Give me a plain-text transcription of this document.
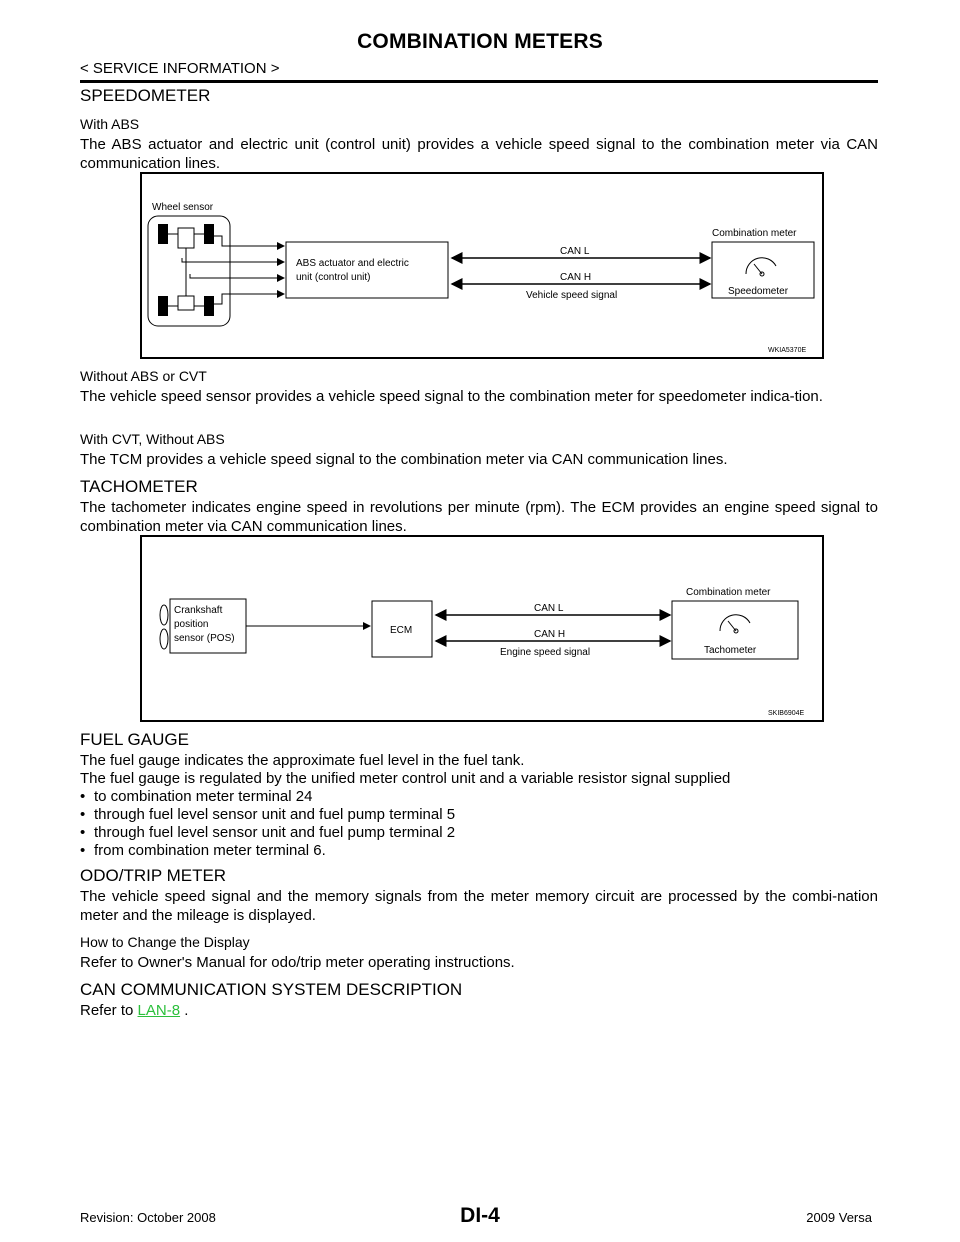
COMBINATION METERS
< SERVICE INFORMATION >
SPEEDOMETER
With ABS
The ABS actuator and electric unit (control unit) provides a vehicle speed signal to the combination meter via CAN communication lines.
Wheel sensor
ABS actuator and electric
unit (control unit)
CAN L
CAN H
Vehicle speed signal
Combination meter
Speedometer
WKIA5370E
Without ABS or CVT
The vehicle speed sensor provides a vehicle speed signal to the combination meter for speedometer indica-tion.
With CVT, Without ABS
The TCM provides a vehicle speed signal to the combination meter via CAN communication lines.
TACHOMETER
The tachometer indicates engine speed in revolutions per minute (rpm). The ECM provides an engine speed signal to combination meter via CAN communication lines.
Crankshaft
position
sensor (POS)
ECM
CAN L
CAN H
Engine speed signal
Combination meter
Tachometer
SKIB6904E
FUEL GAUGE
The fuel gauge indicates the approximate fuel level in the fuel tank.
The fuel gauge is regulated by the unified meter control unit and a variable resistor signal supplied
• to combination meter terminal 24
• through fuel level sensor unit and fuel pump terminal 5
• through fuel level sensor unit and fuel pump terminal 2
• from combination meter terminal 6.
ODO/TRIP METER
The vehicle speed signal and the memory signals from the meter memory circuit are processed by the combi-nation meter and the mileage is displayed.
How to Change the Display
Refer to Owner's Manual for odo/trip meter operating instructions.
CAN COMMUNICATION SYSTEM DESCRIPTION
Refer to LAN-8 .
Revision: October 2008	DI-4	2009 Versa
